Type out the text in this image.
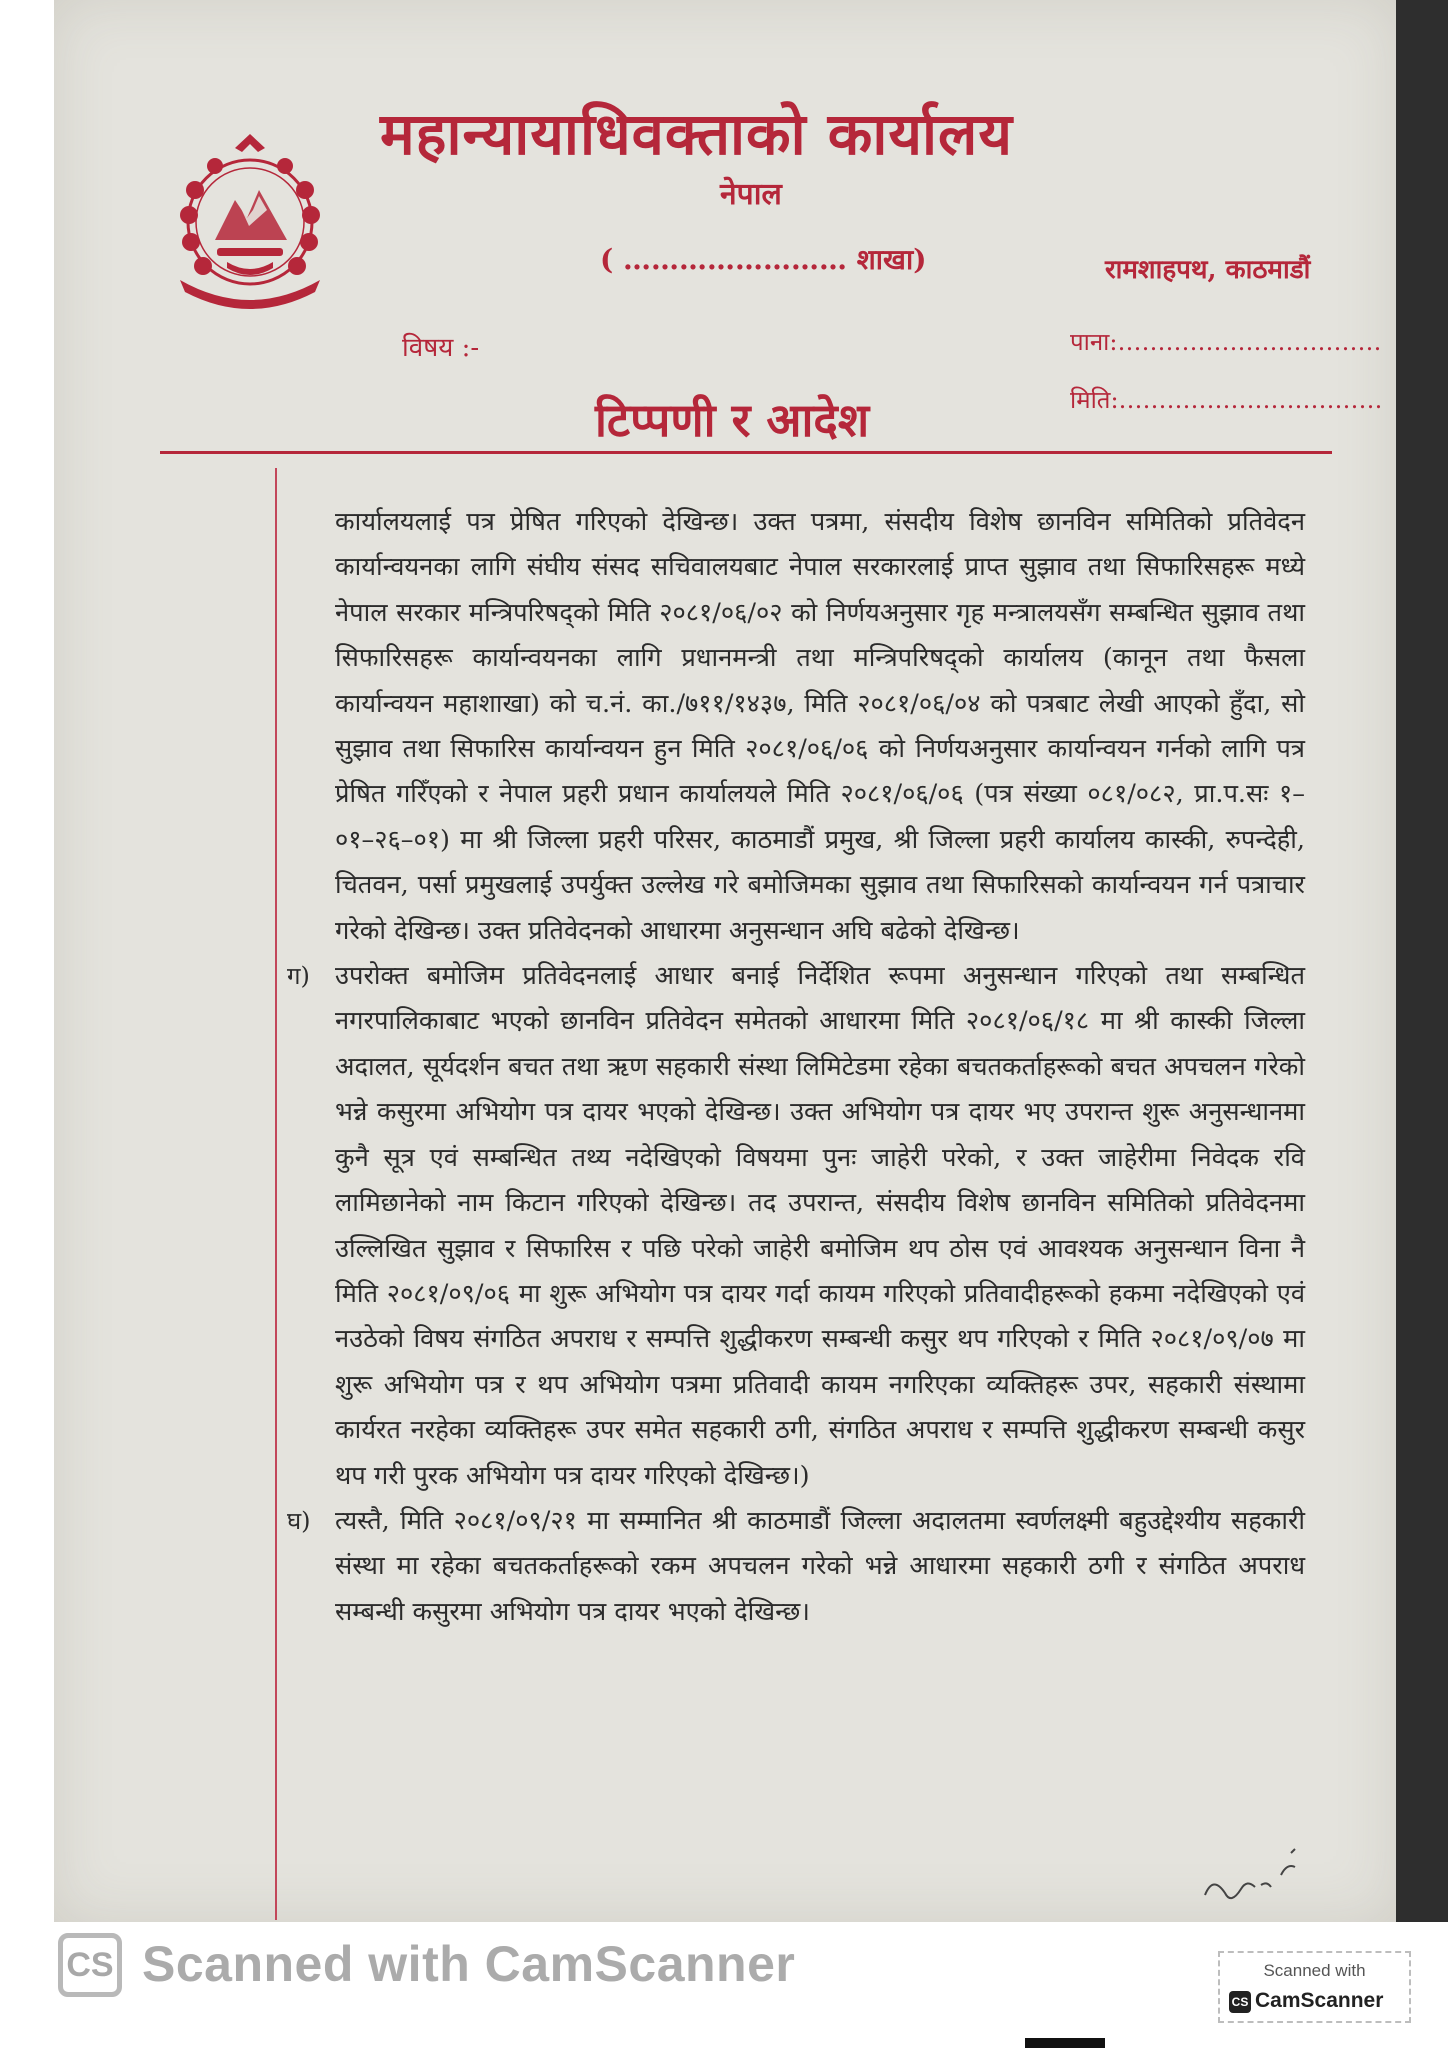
महान्यायाधिवक्ताको कार्यालय
नेपाल
( …………………… शाखा)	रामशाहपथ, काठमाडौं
विषय :-	पाना:……………………………
मिति:……………………………
टिप्पणी र आदेश

कार्यालयलाई पत्र प्रेषित गरिएको देखिन्छ। उक्त पत्रमा, संसदीय विशेष छानविन समितिको प्रतिवेदन कार्यान्वयनका लागि संघीय संसद सचिवालयबाट नेपाल सरकारलाई प्राप्त सुझाव तथा सिफारिसहरू मध्ये नेपाल सरकार मन्त्रिपरिषद्को मिति २०८१/०६/०२ को निर्णयअनुसार गृह मन्त्रालयसँग सम्बन्धित सुझाव तथा सिफारिसहरू कार्यान्वयनका लागि प्रधानमन्त्री तथा मन्त्रिपरिषद्को कार्यालय (कानून तथा फैसला कार्यान्वयन महाशाखा) को च.नं. का./७११/१४३७, मिति २०८१/०६/०४ को पत्रबाट लेखी आएको हुँदा, सो सुझाव तथा सिफारिस कार्यान्वयन हुन मिति २०८१/०६/०६ को निर्णयअनुसार कार्यान्वयन गर्नको लागि पत्र प्रेषित गरिँएको र नेपाल प्रहरी प्रधान कार्यालयले मिति २०८१/०६/०६ (पत्र संख्या ०८१/०८२, प्रा.प.सः १–०१–२६–०१) मा श्री जिल्ला प्रहरी परिसर, काठमाडौं प्रमुख, श्री जिल्ला प्रहरी कार्यालय कास्की, रुपन्देही, चितवन, पर्सा प्रमुखलाई उपर्युक्त उल्लेख गरे बमोजिमका सुझाव तथा सिफारिसको कार्यान्वयन गर्न पत्राचार गरेको देखिन्छ। उक्त प्रतिवेदनको आधारमा अनुसन्धान अघि बढेको देखिन्छ।

ग) उपरोक्त बमोजिम प्रतिवेदनलाई आधार बनाई निर्देशित रूपमा अनुसन्धान गरिएको तथा सम्बन्धित नगरपालिकाबाट भएको छानविन प्रतिवेदन समेतको आधारमा मिति २०८१/०६/१८ मा श्री कास्की जिल्ला अदालत, सूर्यदर्शन बचत तथा ऋण सहकारी संस्था लिमिटेडमा रहेका बचतकर्ताहरूको बचत अपचलन गरेको भन्ने कसुरमा अभियोग पत्र दायर भएको देखिन्छ। उक्त अभियोग पत्र दायर भए उपरान्त शुरू अनुसन्धानमा कुनै सूत्र एवं सम्बन्धित तथ्य नदेखिएको विषयमा पुनः जाहेरी परेको, र उक्त जाहेरीमा निवेदक रवि लामिछानेको नाम किटान गरिएको देखिन्छ। तद उपरान्त, संसदीय विशेष छानविन समितिको प्रतिवेदनमा उल्लिखित सुझाव र सिफारिस र पछि परेको जाहेरी बमोजिम थप ठोस एवं आवश्यक अनुसन्धान विना नै मिति २०८१/०९/०६ मा शुरू अभियोग पत्र दायर गर्दा कायम गरिएको प्रतिवादीहरूको हकमा नदेखिएको एवं नउठेको विषय संगठित अपराध र सम्पत्ति शुद्धीकरण सम्बन्धी कसुर थप गरिएको र मिति २०८१/०९/०७ मा शुरू अभियोग पत्र र थप अभियोग पत्रमा प्रतिवादी कायम नगरिएका व्यक्तिहरू उपर, सहकारी संस्थामा कार्यरत नरहेका व्यक्तिहरू उपर समेत सहकारी ठगी, संगठित अपराध र सम्पत्ति शुद्धीकरण सम्बन्धी कसुर थप गरी पुरक अभियोग पत्र दायर गरिएको देखिन्छ।)

घ) त्यस्तै, मिति २०८१/०९/२१ मा सम्मानित श्री काठमाडौं जिल्ला अदालतमा स्वर्णलक्ष्मी बहुउद्देश्यीय सहकारी संस्था मा रहेका बचतकर्ताहरूको रकम अपचलन गरेको भन्ने आधारमा सहकारी ठगी र संगठित अपराध सम्बन्धी कसुरमा अभियोग पत्र दायर भएको देखिन्छ।

CS Scanned with CamScanner	Scanned with
CS CamScanner
